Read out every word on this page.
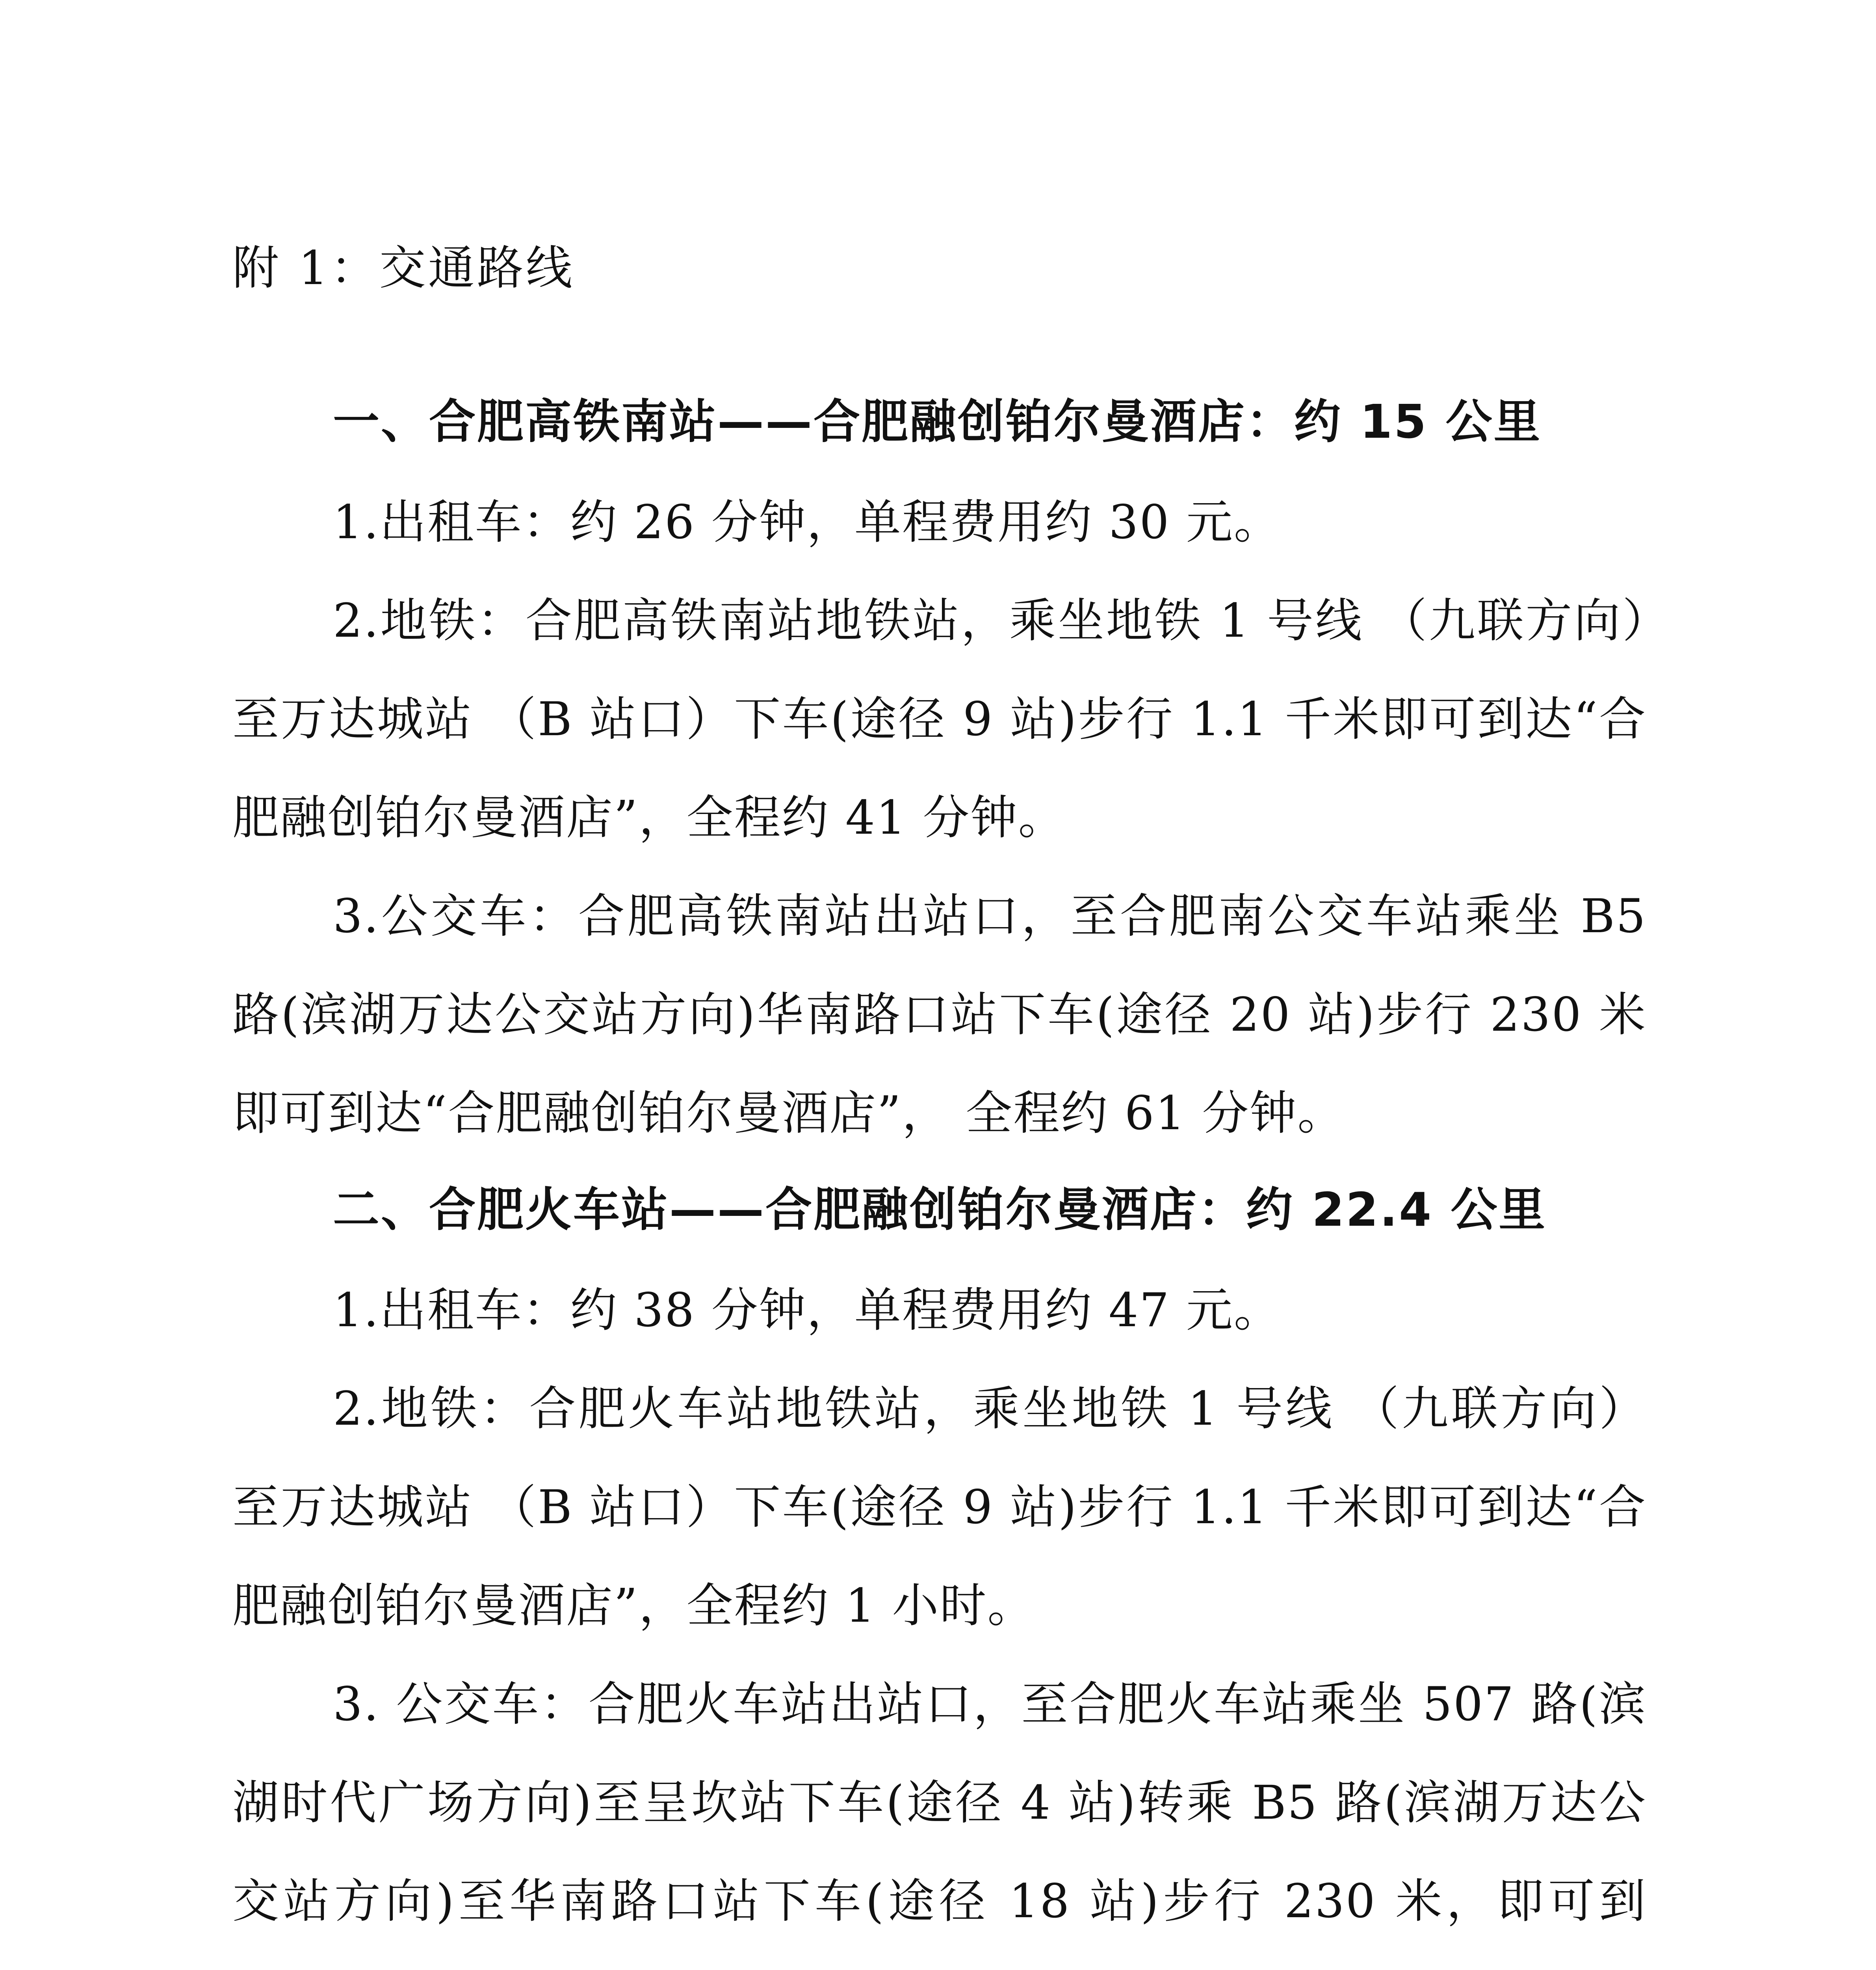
附 1：交通路线
一、合肥高铁南站——合肥融创铂尔曼酒店：约 15 公里

1.出租车：约 26 分钟，单程费用约 30 元。

2.地铁：合肥高铁南站地铁站，乘坐地铁 1 号线 （九联方向）至万达城站 （B 站口）下车(途径 9 站)步行 1.1 千米即可到达“合肥融创铂尔曼酒店”，全程约 41 分钟。

3.公交车：合肥高铁南站出站口，至合肥南公交车站乘坐 B5 路(滨湖万达公交站方向)华南路口站下车(途径 20 站)步行 230 米即可到达“合肥融创铂尔曼酒店”， 全程约 61 分钟。

二、合肥火车站——合肥融创铂尔曼酒店：约 22.4 公里

1.出租车：约 38 分钟，单程费用约 47 元。

2.地铁：合肥火车站地铁站，乘坐地铁 1 号线 （九联方向） 至万达城站 （B 站口）下车(途径 9 站)步行 1.1 千米即可到达“合肥融创铂尔曼酒店”，全程约 1 小时。

3. 公交车：合肥火车站出站口，至合肥火车站乘坐 507 路(滨湖时代广场方向)至呈坎站下车(途径 4 站)转乘 B5 路(滨湖万达公交站方向)至华南路口站下车(途径 18 站)步行 230 米，即可到
